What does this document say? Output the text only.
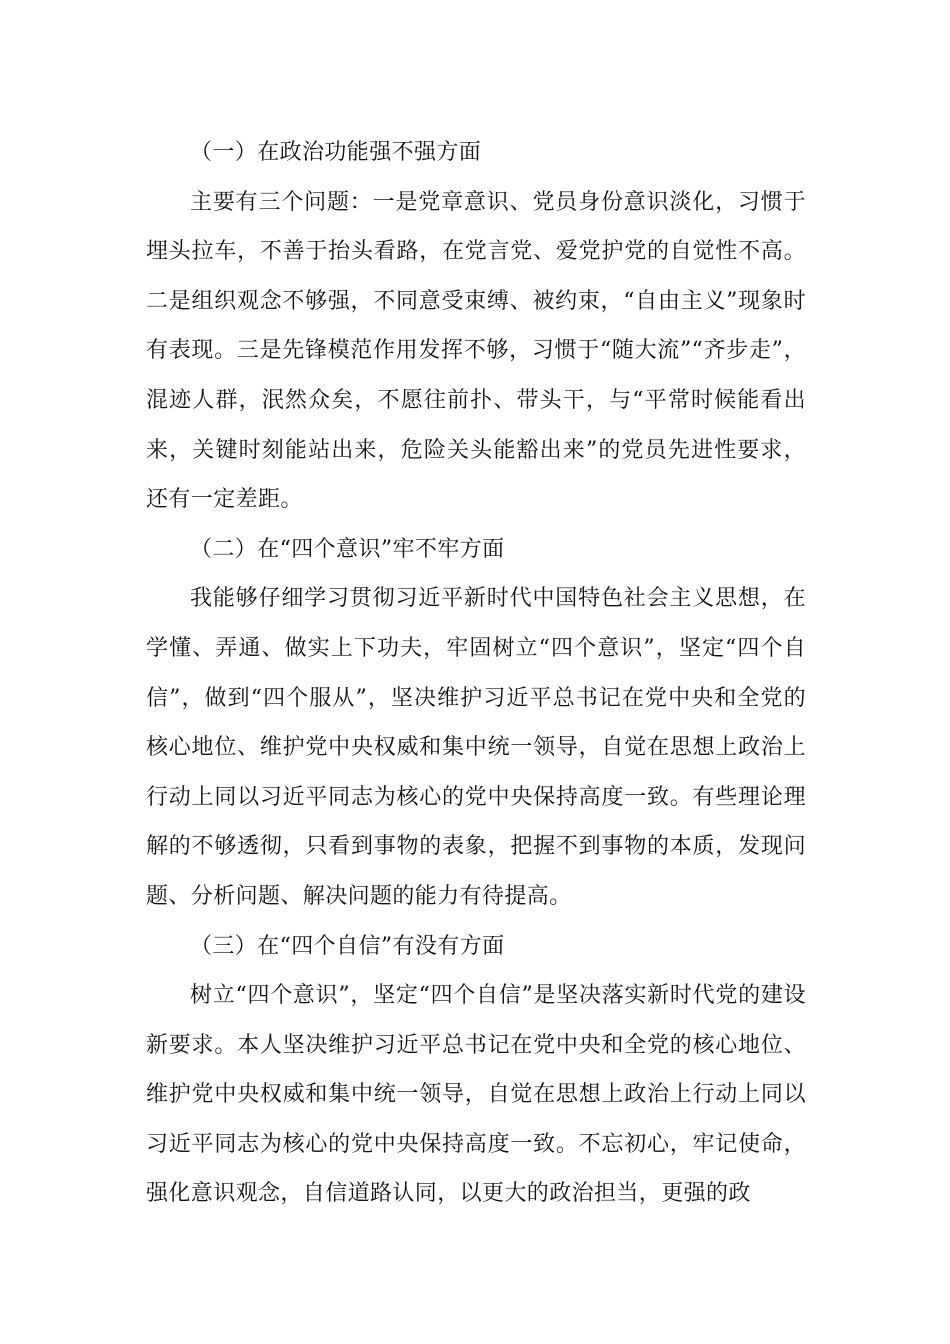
（一）在政治功能强不强方面

主要有三个问题：一是党章意识、党员身份意识淡化，习惯于埋头拉车，不善于抬头看路，在党言党、爱党护党的自觉性不高。二是组织观念不够强，不同意受束缚、被约束，“自由主义”现象时有表现。三是先锋模范作用发挥不够，习惯于“随大流”“齐步走”，混迹人群，泯然众矣，不愿往前扑、带头干，与“平常时候能看出来，关键时刻能站出来，危险关头能豁出来”的党员先进性要求，还有一定差距。

（二）在“四个意识”牢不牢方面

我能够仔细学习贯彻习近平新时代中国特色社会主义思想，在学懂、弄通、做实上下功夫，牢固树立“四个意识”，坚定“四个自信”，做到“四个服从”，坚决维护习近平总书记在党中央和全党的核心地位、维护党中央权威和集中统一领导，自觉在思想上政治上行动上同以习近平同志为核心的党中央保持高度一致。有些理论理解的不够透彻，只看到事物的表象，把握不到事物的本质，发现问题、分析问题、解决问题的能力有待提高。

（三）在“四个自信”有没有方面

树立“四个意识”，坚定“四个自信”是坚决落实新时代党的建设新要求。本人坚决维护习近平总书记在党中央和全党的核心地位、维护党中央权威和集中统一领导，自觉在思想上政治上行动上同以习近平同志为核心的党中央保持高度一致。不忘初心，牢记使命，强化意识观念，自信道路认同，以更大的政治担当，更强的政
